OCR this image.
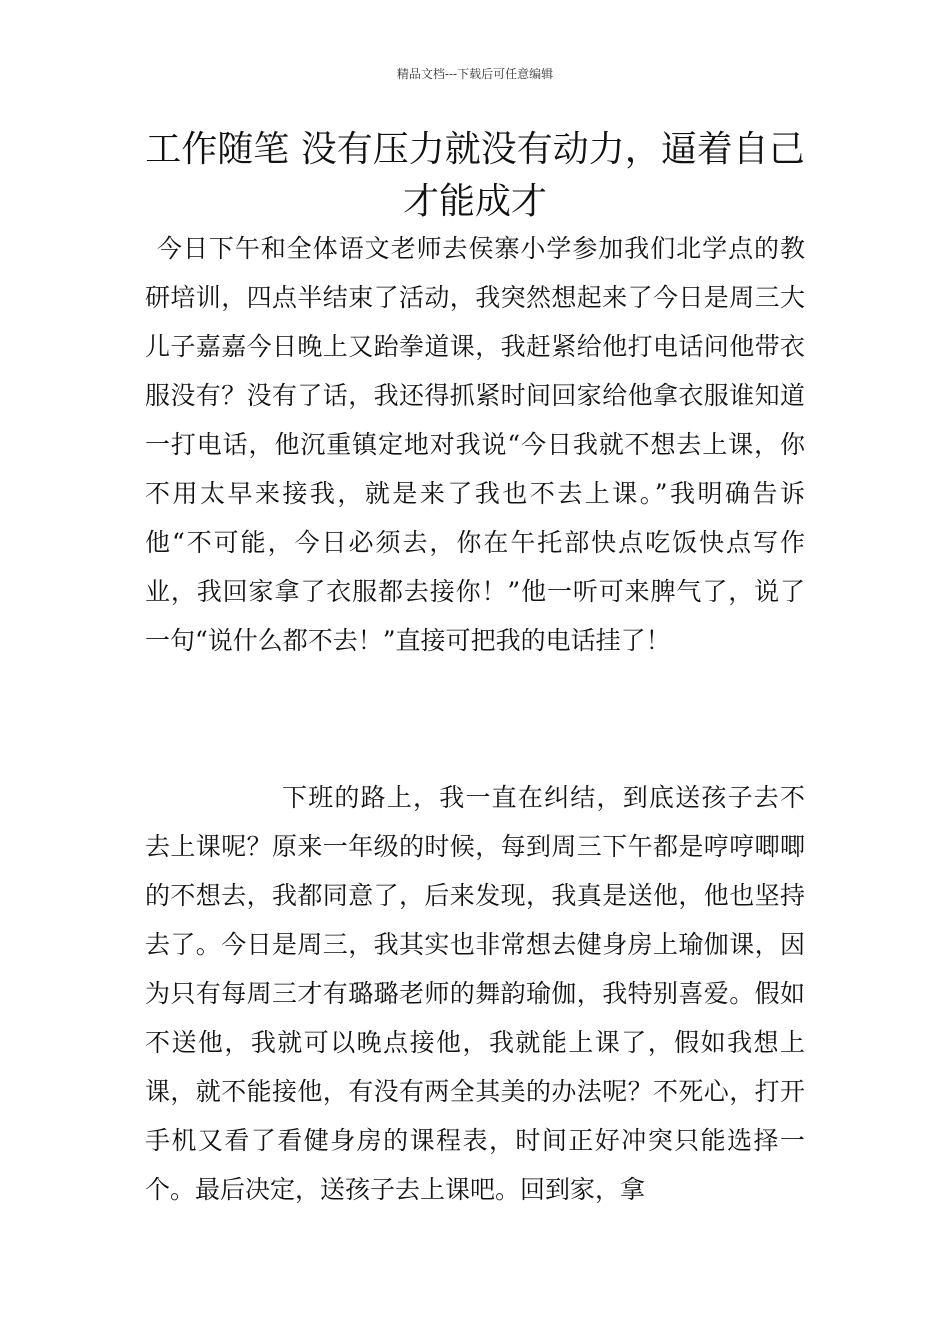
精品文档---下载后可任意编辑
工作随笔 没有压力就没有动力，逼着自己才能成才

今日下午和全体语文老师去侯寨小学参加我们北学点的教研培训，四点半结束了活动，我突然想起来了今日是周三大儿子嘉嘉今日晚上又跆拳道课，我赶紧给他打电话问他带衣服没有？没有了话，我还得抓紧时间回家给他拿衣服谁知道一打电话，他沉重镇定地对我说“今日我就不想去上课，你不用太早来接我，就是来了我也不去上课。”我明确告诉他“不可能，今日必须去，你在午托部快点吃饭快点写作业，我回家拿了衣服都去接你！”他一听可来脾气了，说了一句“说什么都不去！”直接可把我的电话挂了！

下班的路上，我一直在纠结，到底送孩子去不去上课呢？原来一年级的时候，每到周三下午都是哼哼唧唧的不想去，我都同意了，后来发现，我真是送他，他也坚持去了。今日是周三，我其实也非常想去健身房上瑜伽课，因为只有每周三才有璐璐老师的舞韵瑜伽，我特别喜爱。假如不送他，我就可以晚点接他，我就能上课了，假如我想上课，就不能接他，有没有两全其美的办法呢？不死心，打开手机又看了看健身房的课程表，时间正好冲突只能选择一个。最后决定，送孩子去上课吧。回到家，拿
